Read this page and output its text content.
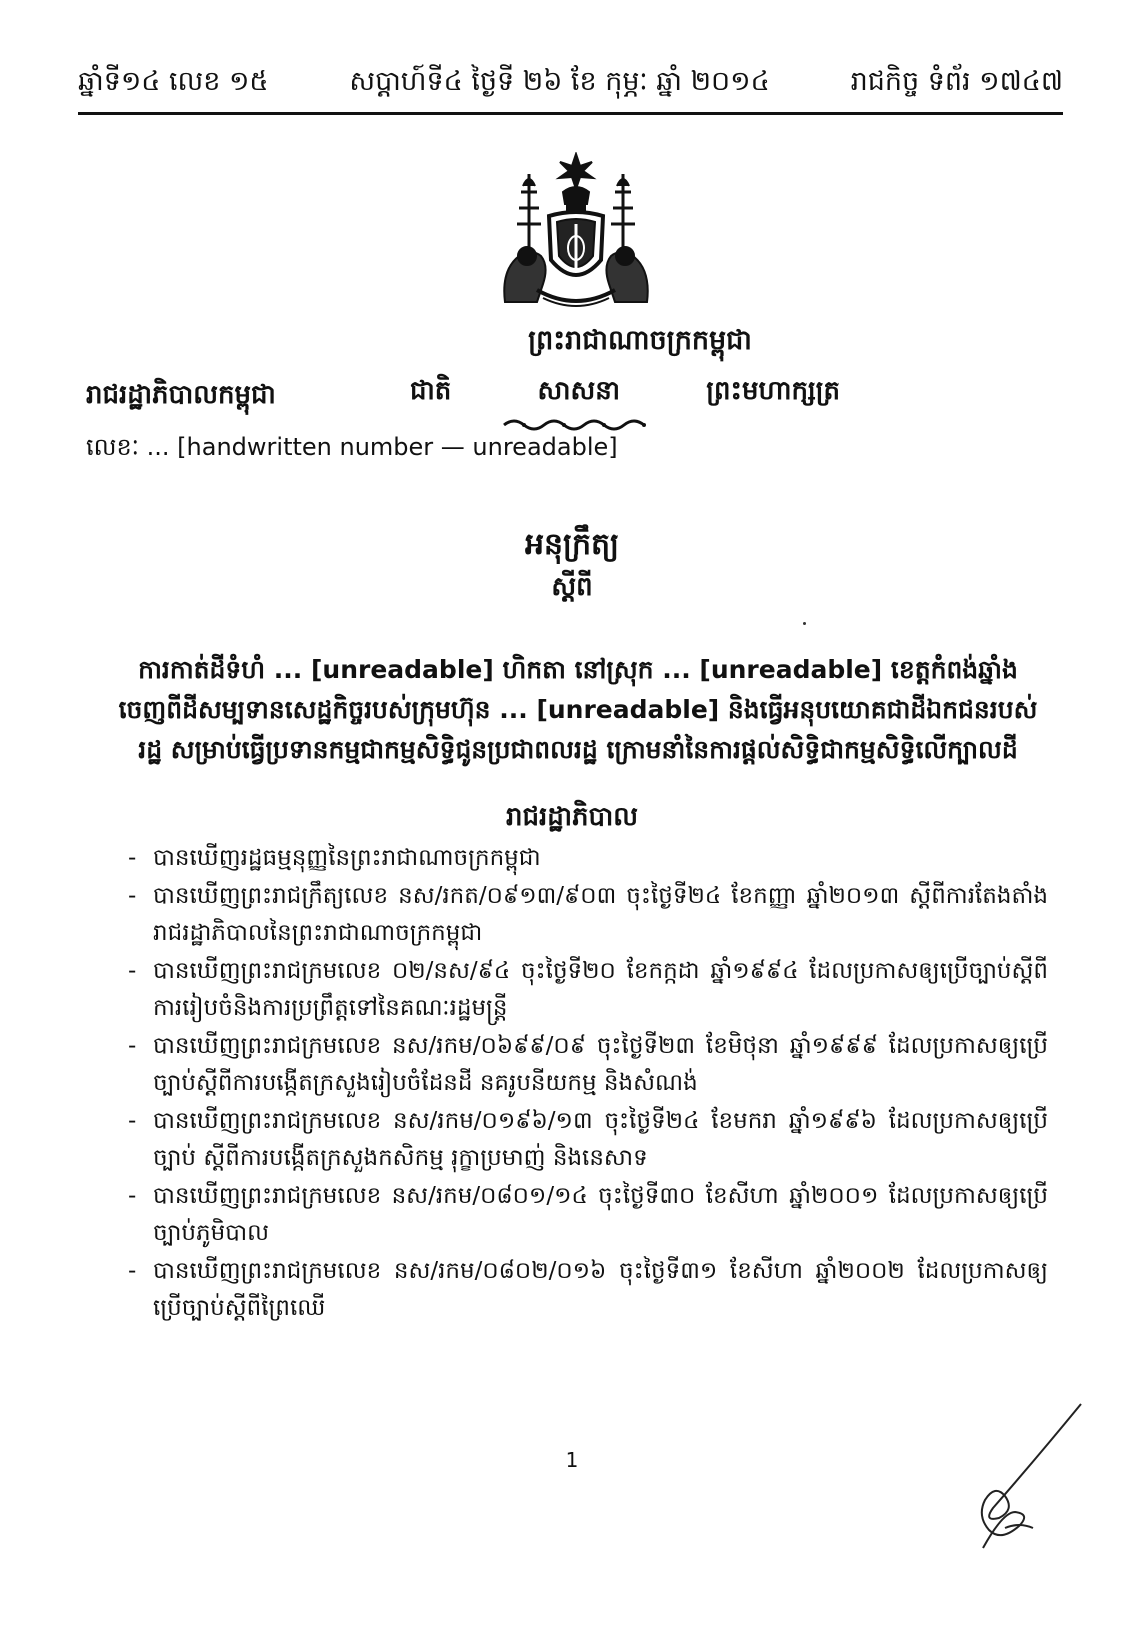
ឆ្នាំទី១៤ លេខ ១៥	សប្តាហ៍ទី៤ ថ្ងៃទី ២៦ ខែ កុម្ភៈ ឆ្នាំ ២០១៤	រាជកិច្ច ទំព័រ ១៧៤៧
ព្រះរាជាណាចក្រកម្ពុជា
ជាតិ	សាសនា	ព្រះមហាក្សត្រ
រាជរដ្ឋាភិបាលកម្ពុជា
លេខៈ ... [handwritten number — unreadable]
អនុក្រឹត្យ
ស្តីពី
ការកាត់ដីទំហំ ... [unreadable] ហិកតា នៅស្រុក ... [unreadable] ខេត្តកំពង់ឆ្នាំង ចេញពីដីសម្បទានសេដ្ឋកិច្ចរបស់ក្រុមហ៊ុន ... [unreadable] និងធ្វើអនុបយោគជាដីឯកជនរបស់រដ្ឋ សម្រាប់ធ្វើប្រទានកម្មជាកម្មសិទ្ធិជូនប្រជាពលរដ្ឋ ក្រោមនាំនៃការផ្តល់សិទ្ធិជាកម្មសិទ្ធិលើក្បាលដី
រាជរដ្ឋាភិបាល
- បានឃើញរដ្ឋធម្មនុញ្ញនៃព្រះរាជាណាចក្រកម្ពុជា
- បានឃើញព្រះរាជក្រឹត្យលេខ នស/រកត/០៩១៣/៩០៣ ចុះថ្ងៃទី២៤ ខែកញ្ញា ឆ្នាំ២០១៣ ស្តីពីការតែងតាំងរាជរដ្ឋាភិបាលនៃព្រះរាជាណាចក្រកម្ពុជា
- បានឃើញព្រះរាជក្រមលេខ ០២/នស/៩៤ ចុះថ្ងៃទី២០ ខែកក្កដា ឆ្នាំ១៩៩៤ ដែលប្រកាសឲ្យប្រើច្បាប់ស្តីពីការរៀបចំនិងការប្រព្រឹត្តទៅនៃគណៈរដ្ឋមន្ត្រី
- បានឃើញព្រះរាជក្រមលេខ នស/រកម/០៦៩៩/០៩ ចុះថ្ងៃទី២៣ ខែមិថុនា ឆ្នាំ១៩៩៩ ដែលប្រកាសឲ្យប្រើច្បាប់ស្តីពីការបង្កើតក្រសួងរៀបចំដែនដី នគរូបនីយកម្ម និងសំណង់
- បានឃើញព្រះរាជក្រមលេខ នស/រកម/០១៩៦/១៣ ចុះថ្ងៃទី២៤ ខែមករា ឆ្នាំ១៩៩៦ ដែលប្រកាសឲ្យប្រើច្បាប់ ស្តីពីការបង្កើតក្រសួងកសិកម្ម រុក្ខាប្រមាញ់ និងនេសាទ
- បានឃើញព្រះរាជក្រមលេខ នស/រកម/០៨០១/១៤ ចុះថ្ងៃទី៣០ ខែសីហា ឆ្នាំ២០០១ ដែលប្រកាសឲ្យប្រើច្បាប់ភូមិបាល
- បានឃើញព្រះរាជក្រមលេខ នស/រកម/០៨០២/០១៦ ចុះថ្ងៃទី៣១ ខែសីហា ឆ្នាំ២០០២ ដែលប្រកាសឲ្យប្រើច្បាប់ស្តីពីព្រៃឈើ
1
